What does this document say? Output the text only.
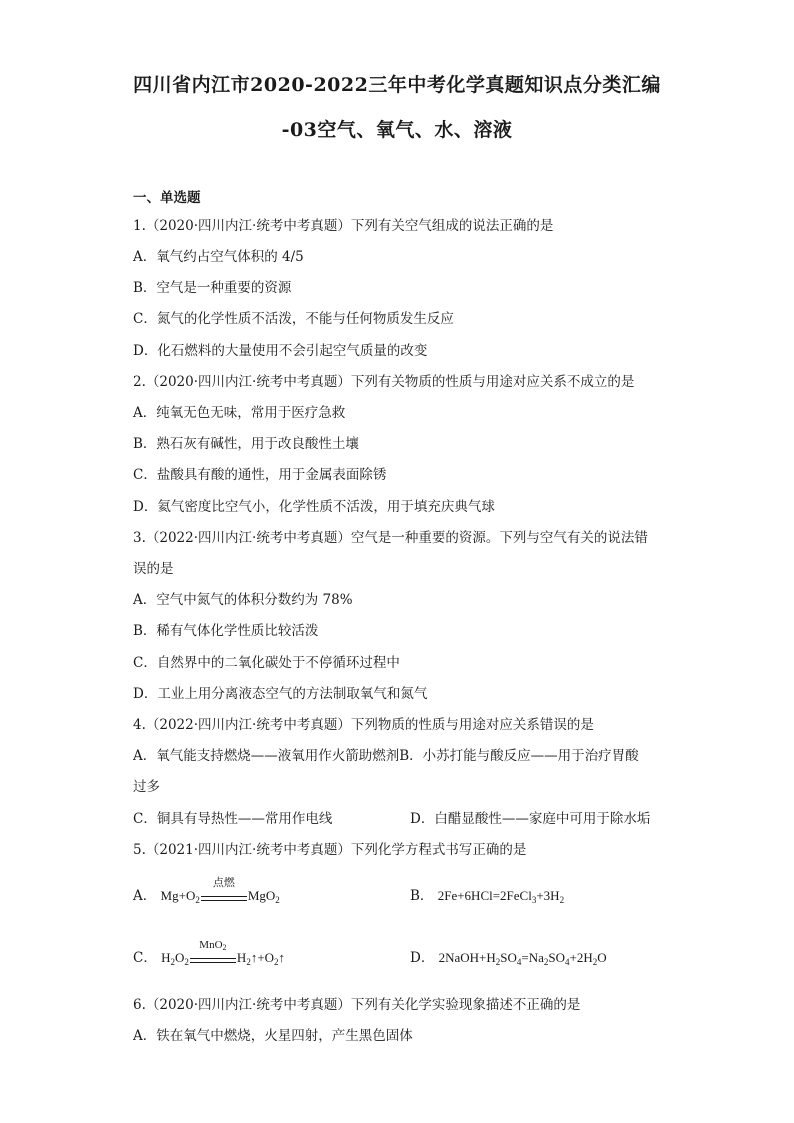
四川省内江市2020-2022三年中考化学真题知识点分类汇编
-03空气、氧气、水、溶液
一、单选题
1.（2020·四川内江·统考中考真题）下列有关空气组成的说法正确的是
A．氧气约占空气体积的 4/5
B．空气是一种重要的资源
C．氮气的化学性质不活泼，不能与任何物质发生反应
D．化石燃料的大量使用不会引起空气质量的改变
2.（2020·四川内江·统考中考真题）下列有关物质的性质与用途对应关系不成立的是
A．纯氧无色无味，常用于医疗急救
B．熟石灰有碱性，用于改良酸性土壤
C．盐酸具有酸的通性，用于金属表面除锈
D．氦气密度比空气小，化学性质不活泼，用于填充庆典气球
3.（2022·四川内江·统考中考真题）空气是一种重要的资源。下列与空气有关的说法错
误的是
A．空气中氮气的体积分数约为 78%
B．稀有气体化学性质比较活泼
C．自然界中的二氧化碳处于不停循环过程中
D．工业上用分离液态空气的方法制取氧气和氮气
4.（2022·四川内江·统考中考真题）下列物质的性质与用途对应关系错误的是
A．氧气能支持燃烧——液氧用作火箭助燃剂B．小苏打能与酸反应——用于治疗胃酸
过多
C．铜具有导热性——常用作电线	D．白醋显酸性——家庭中可用于除水垢
5.（2021·四川内江·统考中考真题）下列化学方程式书写正确的是
A． $Mg+O_2$
点燃
MgO$_2$	B． $2Fe+6HCl=2FeCl_3+3H_2$
C． $H_2O_2$
MnO$_2$
$H_2↑+O_2↑$	D． $2NaOH+H_2SO_4=Na_2SO_4+2H_2O$
6.（2020·四川内江·统考中考真题）下列有关化学实验现象描述不正确的是
A．铁在氧气中燃烧，火星四射，产生黑色固体
